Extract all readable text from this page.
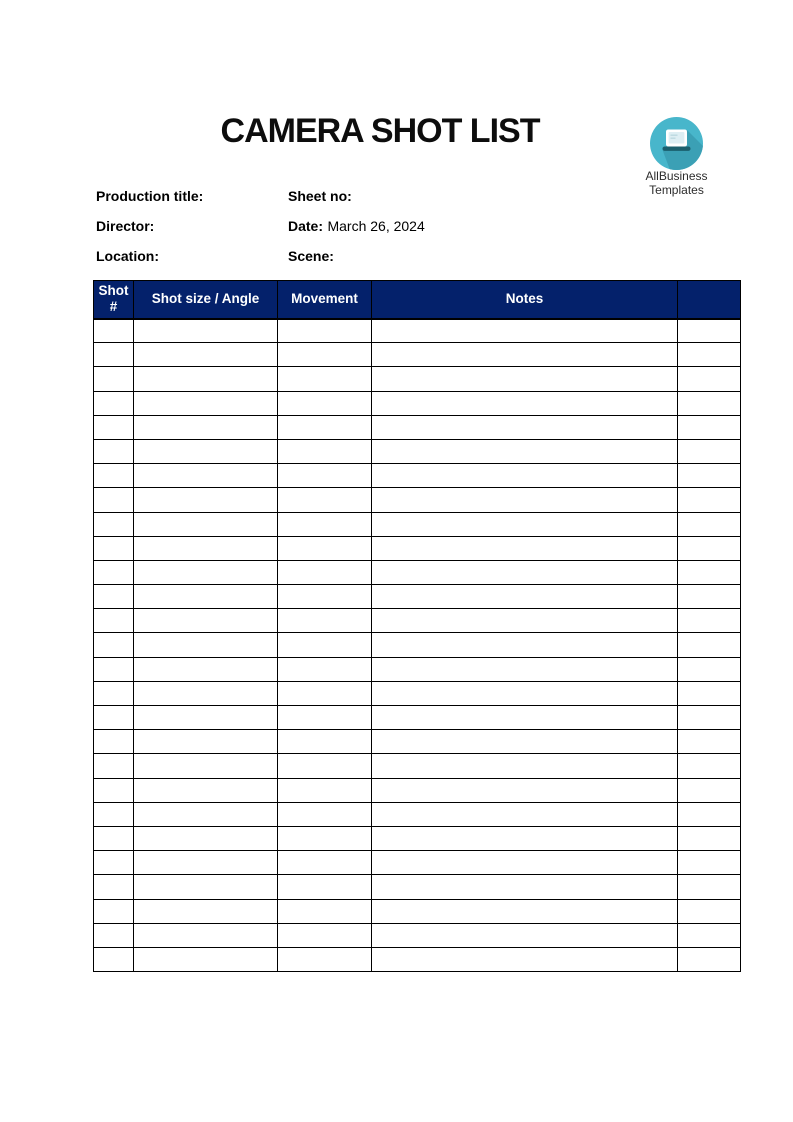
CAMERA SHOT LIST
AllBusiness
Templates
Production title:	Sheet no:
Director:	Date: March 26, 2024
Location:	Scene:
Shot #	Shot size / Angle	Movement	Notes	
